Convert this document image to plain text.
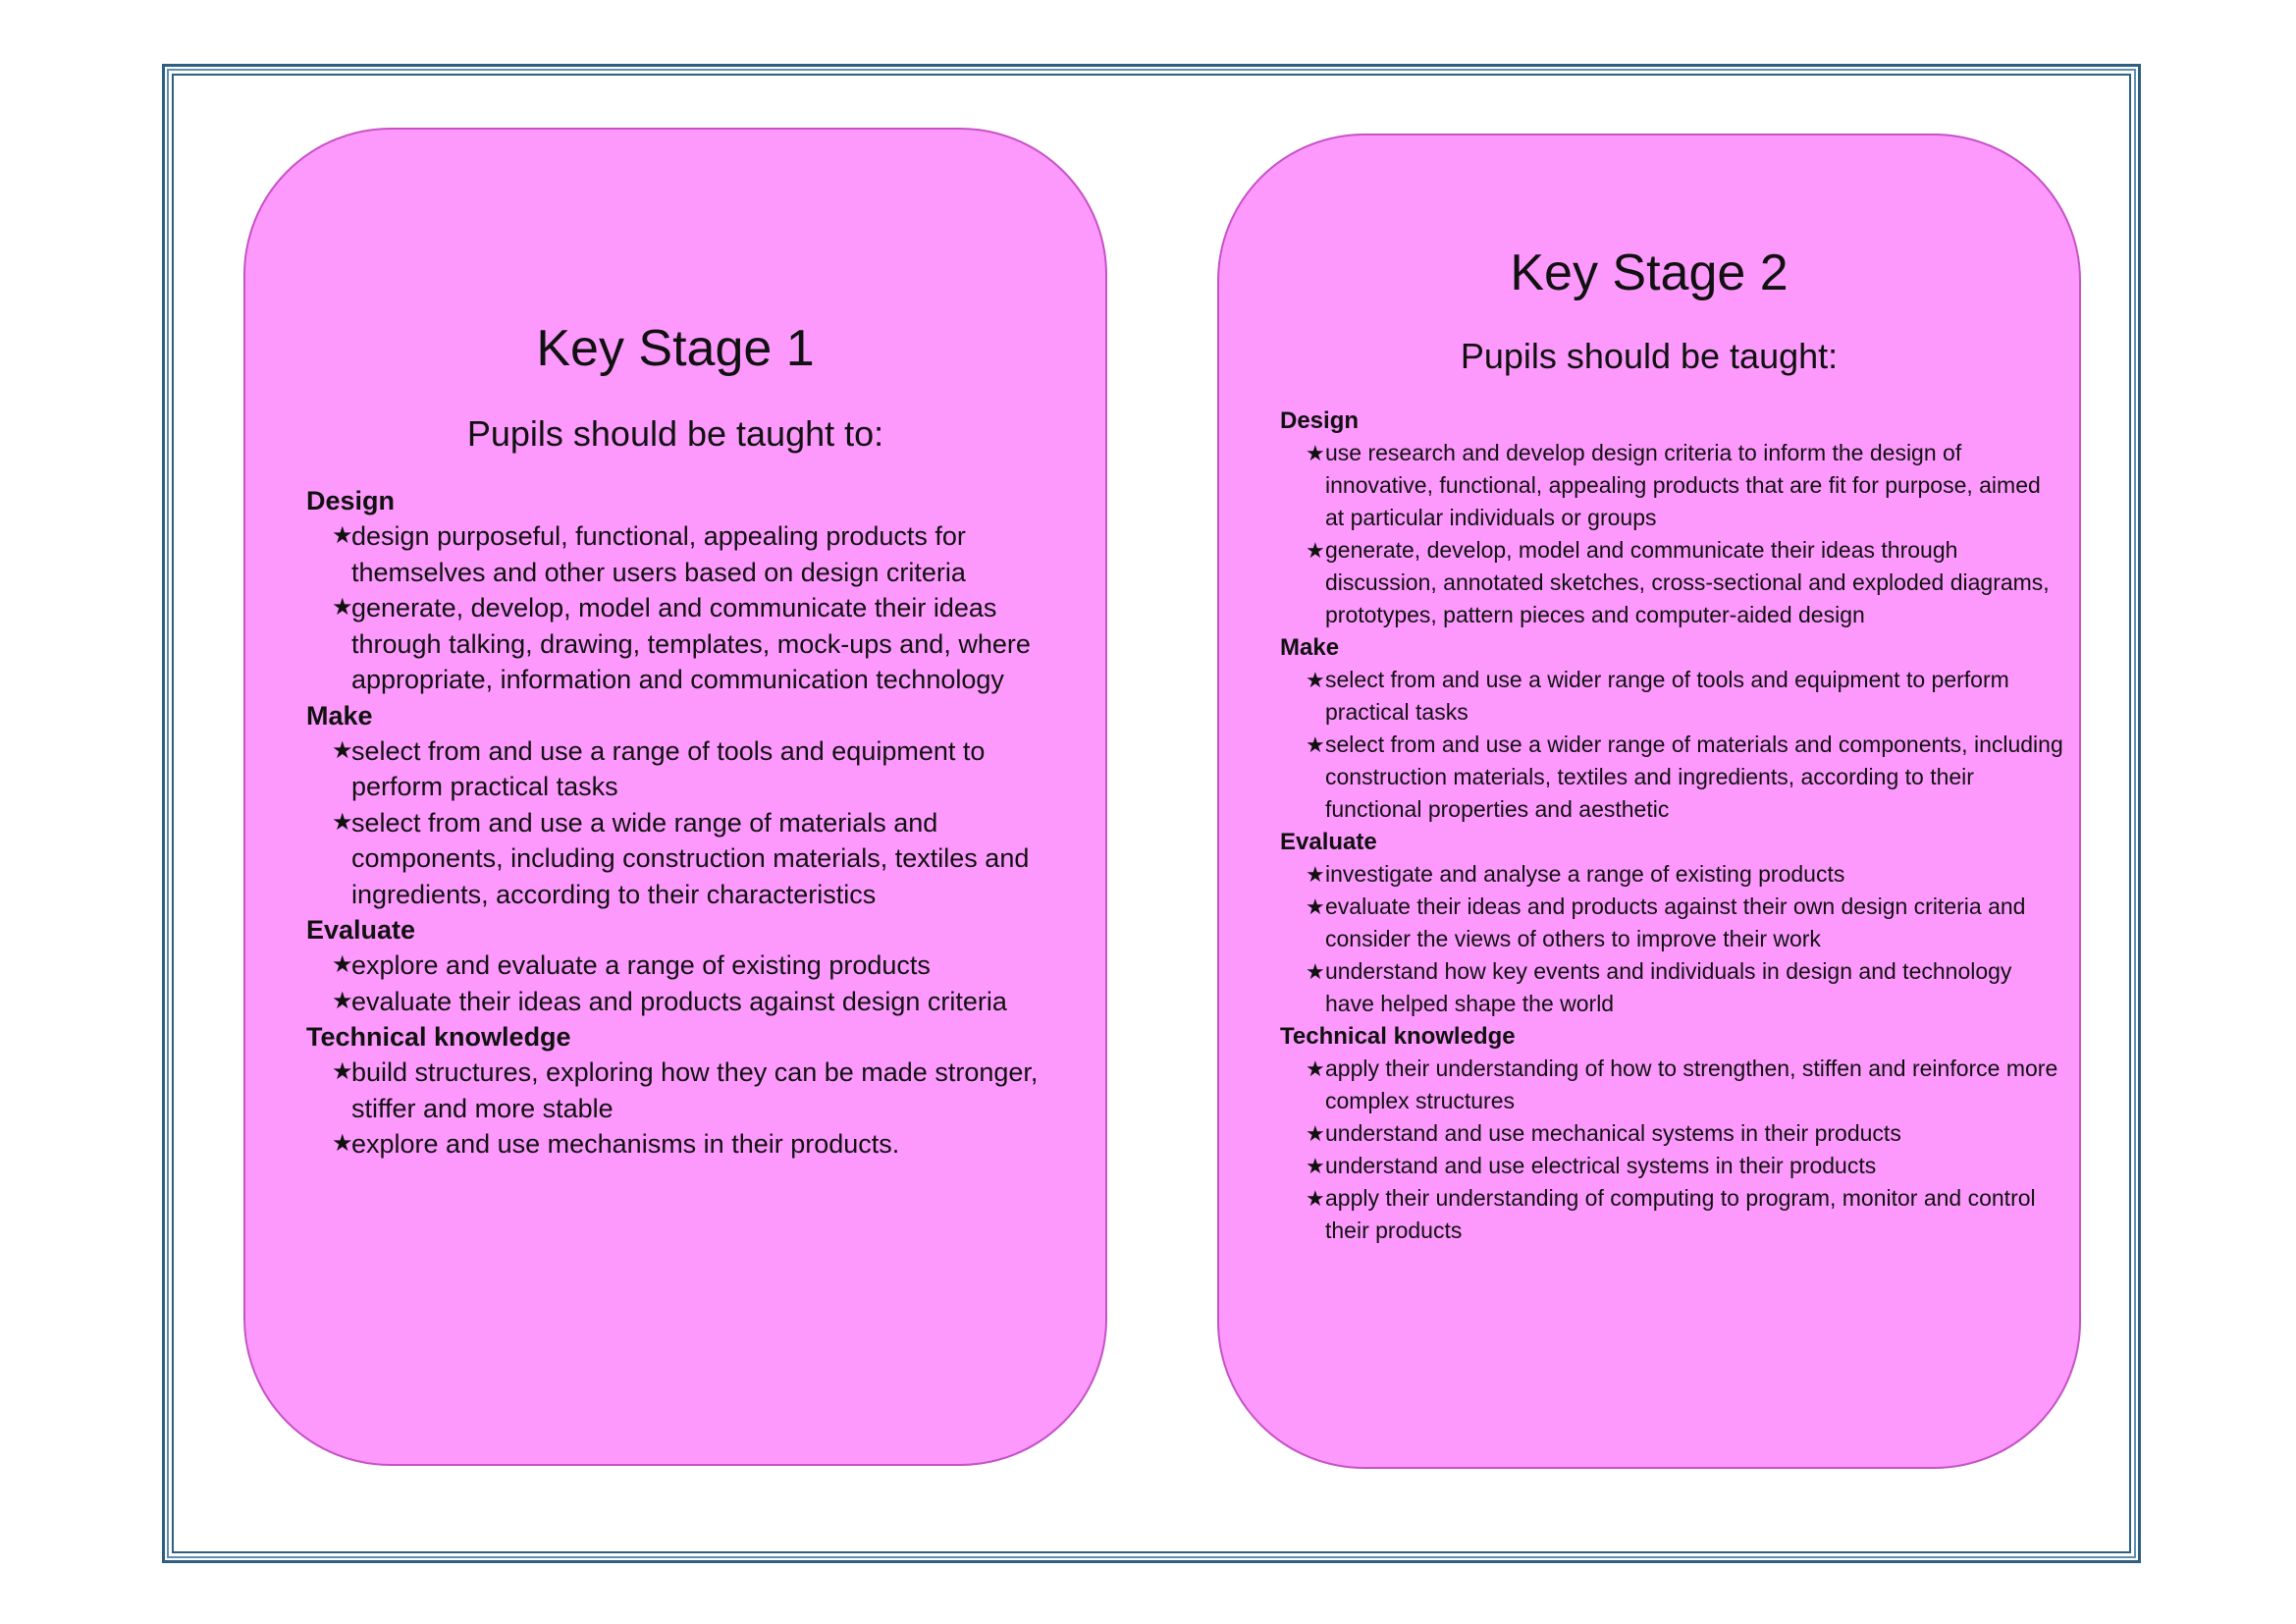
Key Stage 1

Pupils should be taught to:

Design

★
design purposeful, functional, appealing products for themselves and other users based on design criteria
★
generate, develop, model and communicate their ideas through talking, drawing, templates, mock-ups and, where appropriate, information and communication technology

Make

★
select from and use a range of tools and equipment to perform practical tasks
★
select from and use a wide range of materials and components, including construction materials, textiles and ingredients, according to their characteristics

Evaluate

★
explore and evaluate a range of existing products
★
evaluate their ideas and products against design criteria

Technical knowledge

★
build structures, exploring how they can be made stronger, stiffer and more stable
★
explore and use mechanisms in their products.
Key Stage 2

Pupils should be taught:

Design

★ use research and develop design criteria to inform the design of innovative, functional, appealing products that are fit for purpose, aimed at particular individuals or groups
★ generate, develop, model and communicate their ideas through discussion, annotated sketches, cross-sectional and exploded diagrams, prototypes, pattern pieces and computer-aided design

Make

★ select from and use a wider range of tools and equipment to perform practical tasks
★ select from and use a wider range of materials and components, including construction materials, textiles and ingredients, according to their functional properties and aesthetic

Evaluate

★ investigate and analyse a range of existing products
★ evaluate their ideas and products against their own design criteria and consider the views of others to improve their work
★ understand how key events and individuals in design and technology have helped shape the world

Technical knowledge

★ apply their understanding of how to strengthen, stiffen and reinforce more complex structures
★ understand and use mechanical systems in their products
★ understand and use electrical systems in their products
★ apply their understanding of computing to program, monitor and control their products
